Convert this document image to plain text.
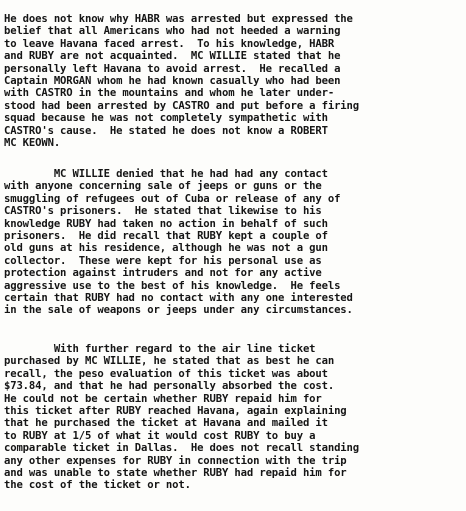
He does not know why HABR was arrested but expressed the
belief that all Americans who had not heeded a warning
to leave Havana faced arrest.  To his knowledge, HABR
and RUBY are not acquainted.  MC WILLIE stated that he
personally left Havana to avoid arrest.  He recalled a
Captain MORGAN whom he had known casually who had been
with CASTRO in the mountains and whom he later under-
stood had been arrested by CASTRO and put before a firing
squad because he was not completely sympathetic with
CASTRO's cause.  He stated he does not know a ROBERT
MC KEOWN.

MC WILLIE denied that he had had any contact
with anyone concerning sale of jeeps or guns or the
smuggling of refugees out of Cuba or release of any of
CASTRO's prisoners.  He stated that likewise to his
knowledge RUBY had taken no action in behalf of such
prisoners.  He did recall that RUBY kept a couple of
old guns at his residence, although he was not a gun
collector.  These were kept for his personal use as
protection against intruders and not for any active
aggressive use to the best of his knowledge.  He feels
certain that RUBY had no contact with any one interested
in the sale of weapons or jeeps under any circumstances.

With further regard to the air line ticket
purchased by MC WILLIE, he stated that as best he can
recall, the peso evaluation of this ticket was about
$73.84, and that he had personally absorbed the cost.
He could not be certain whether RUBY repaid him for
this ticket after RUBY reached Havana, again explaining
that he purchased the ticket at Havana and mailed it
to RUBY at 1/5 of what it would cost RUBY to buy a
comparable ticket in Dallas.  He does not recall standing
any other expenses for RUBY in connection with the trip
and was unable to state whether RUBY had repaid him for
the cost of the ticket or not.
